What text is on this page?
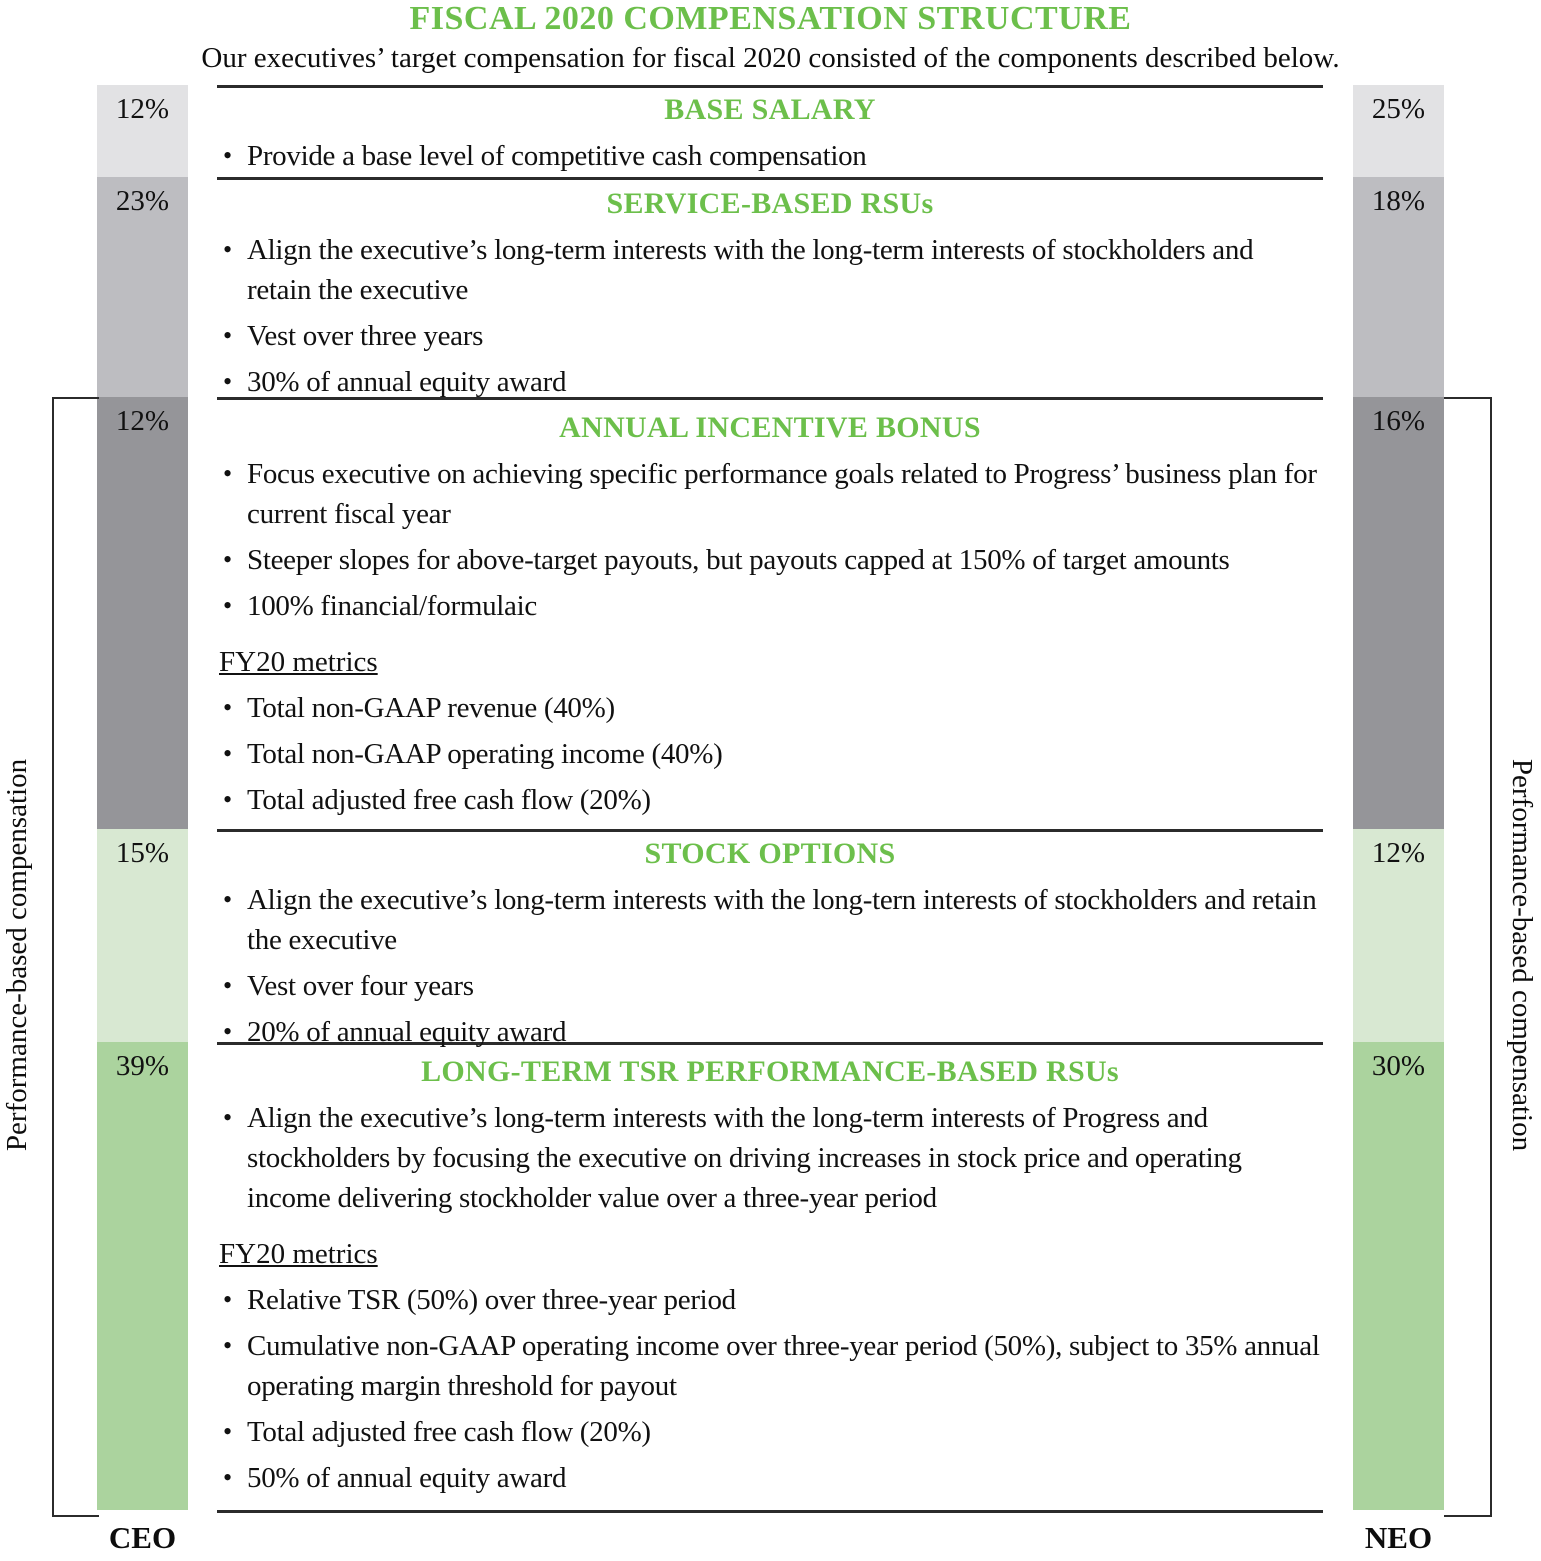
FISCAL 2020 COMPENSATION STRUCTURE
Our executives’ target compensation for fiscal 2020 consisted of the components described below.
12%
23%
12%
15%
39%
25%
18%
16%
12%
30%
Performance-based compensation	Performance-based compensation
BASE SALARY
• Provide a base level of competitive cash compensation
SERVICE-BASED RSUs
• Align the executive’s long-term interests with the long-term interests of stockholders and retain the executive
• Vest over three years
• 30% of annual equity award
ANNUAL INCENTIVE BONUS
• Focus executive on achieving specific performance goals related to Progress’ business plan for current fiscal year
• Steeper slopes for above-target payouts, but payouts capped at 150% of target amounts
• 100% financial/formulaic
FY20 metrics
• Total non-GAAP revenue (40%)
• Total non-GAAP operating income (40%)
• Total adjusted free cash flow (20%)
STOCK OPTIONS
• Align the executive’s long-term interests with the long-tern interests of stockholders and retain the executive
• Vest over four years
• 20% of annual equity award
LONG-TERM TSR PERFORMANCE-BASED RSUs
• Align the executive’s long-term interests with the long-term interests of Progress and stockholders by focusing the executive on driving increases in stock price and operating income delivering stockholder value over a three-year period
FY20 metrics
• Relative TSR (50%) over three-year period
• Cumulative non-GAAP operating income over three-year period (50%), subject to 35% annual operating margin threshold for payout
• Total adjusted free cash flow (20%)
• 50% of annual equity award
CEO	NEO
